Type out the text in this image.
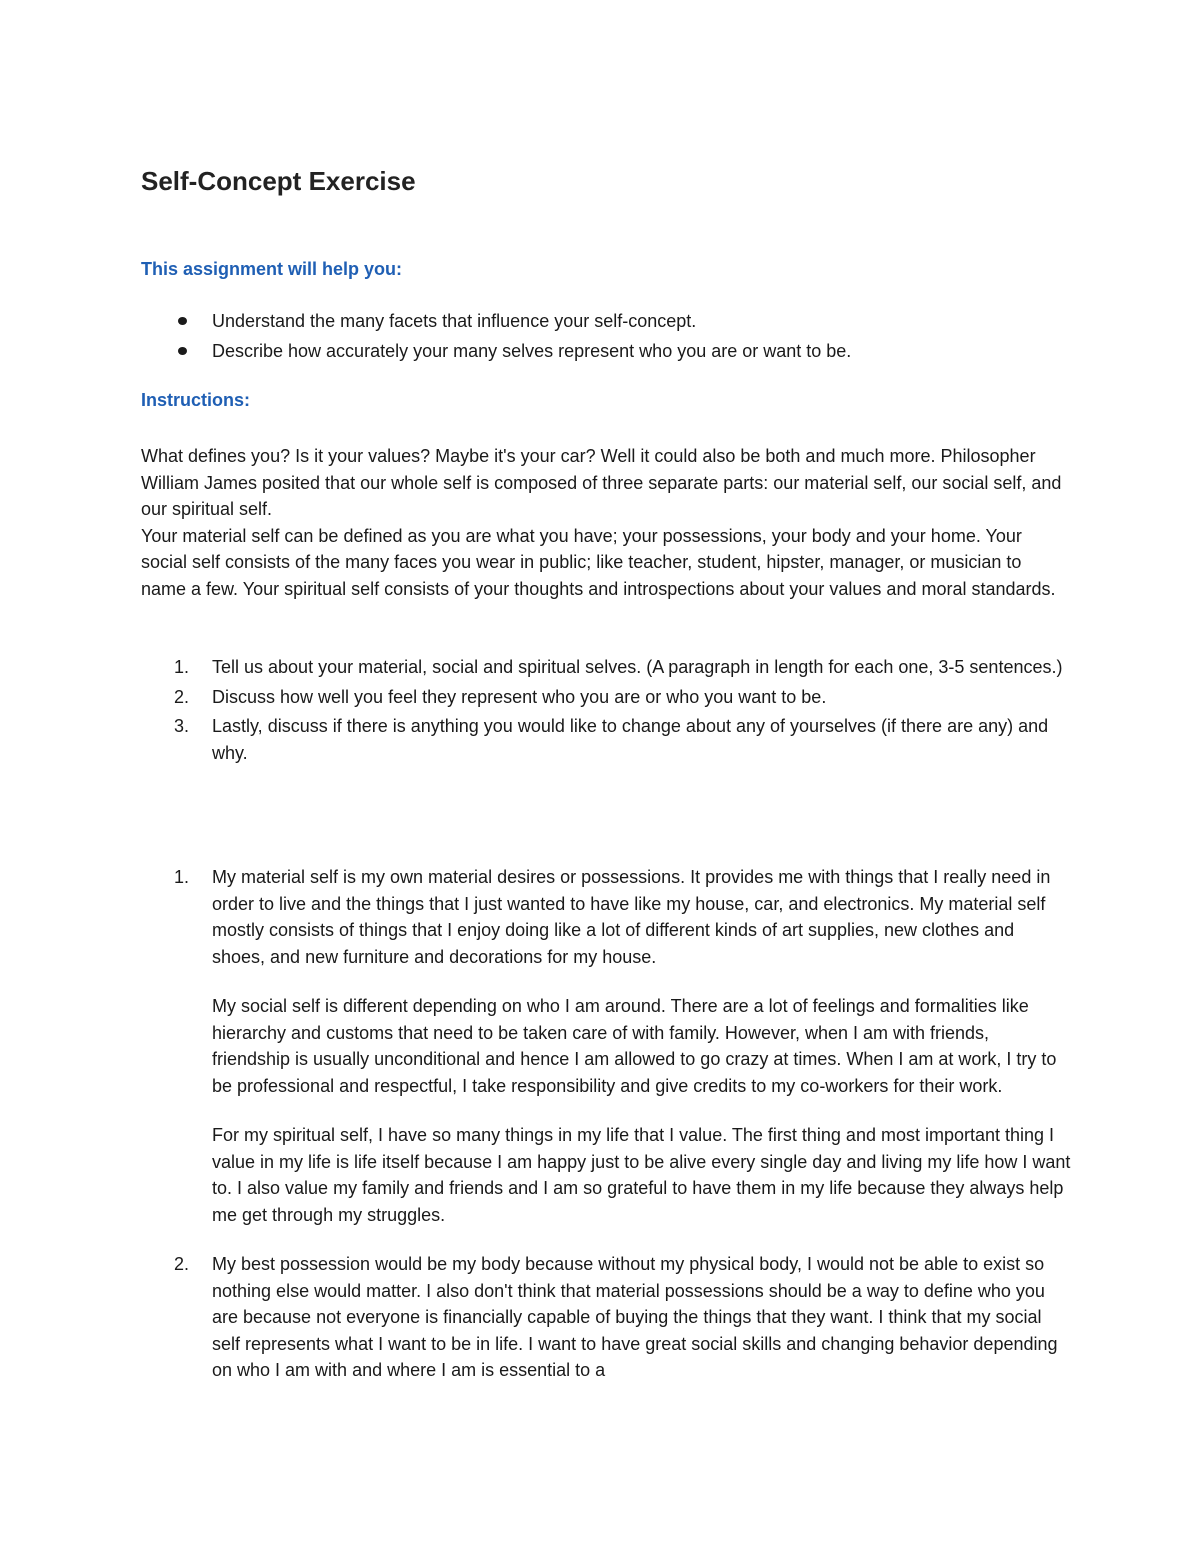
Self-Concept Exercise
This assignment will help you:
Understand the many facets that influence your self-concept.
Describe how accurately your many selves represent who you are or want to be.
Instructions:

What defines you? Is it your values? Maybe it's your car? Well it could also be both and much more. Philosopher William James posited that our whole self is composed of three separate parts: our material self, our social self, and our spiritual self.

Your material self can be defined as you are what you have; your possessions, your body and your home. Your social self consists of the many faces you wear in public; like teacher, student, hipster, manager, or musician to name a few. Your spiritual self consists of your thoughts and introspections about your values and moral standards.

1. Tell us about your material, social and spiritual selves. (A paragraph in length for each one, 3-5 sentences.)
2. Discuss how well you feel they represent who you are or who you want to be.
3. Lastly, discuss if there is anything you would like to change about any of yourselves (if there are any) and why.
1. My material self is my own material desires or possessions. It provides me with things that I really need in order to live and the things that I just wanted to have like my house, car, and electronics. My material self mostly consists of things that I enjoy doing like a lot of different kinds of art supplies, new clothes and shoes, and new furniture and decorations for my house.

My social self is different depending on who I am around. There are a lot of feelings and formalities like hierarchy and customs that need to be taken care of with family. However, when I am with friends, friendship is usually unconditional and hence I am allowed to go crazy at times. When I am at work, I try to be professional and respectful, I take responsibility and give credits to my co-workers for their work.

For my spiritual self, I have so many things in my life that I value. The first thing and most important thing I value in my life is life itself because I am happy just to be alive every single day and living my life how I want to. I also value my family and friends and I am so grateful to have them in my life because they always help me get through my struggles.

2. My best possession would be my body because without my physical body, I would not be able to exist so nothing else would matter. I also don't think that material possessions should be a way to define who you are because not everyone is financially capable of buying the things that they want. I think that my social self represents what I want to be in life. I want to have great social skills and changing behavior depending on who I am with and where I am is essential to a
